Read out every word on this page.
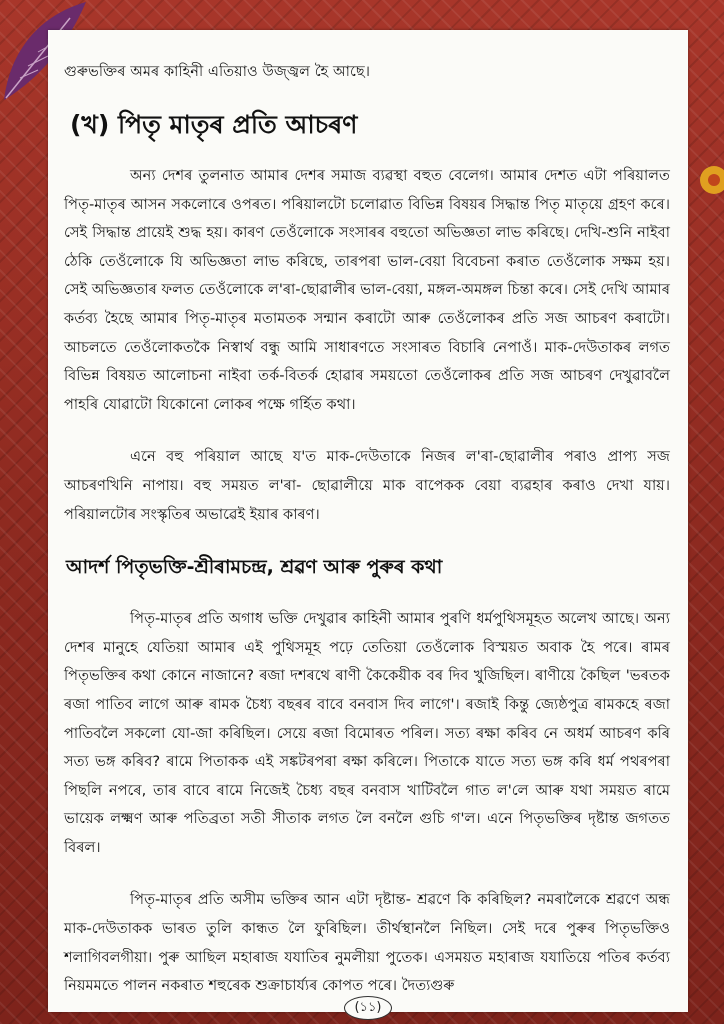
গুৰুভক্তিৰ অমৰ কাহিনী এতিয়াও উজ্জ্বল হৈ আছে।

(খ) পিতৃ মাতৃৰ প্ৰতি আচৰণ

অন্য দেশৰ তুলনাত আমাৰ দেশৰ সমাজ ব্যৱস্থা বহুত বেলেগ। আমাৰ দেশত এটা পৰিয়ালত পিতৃ-মাতৃৰ আসন সকলোৰে ওপৰত। পৰিয়ালটো চলোৱাত বিভিন্ন বিষয়ৰ সিদ্ধান্ত পিতৃ মাতৃয়ে গ্ৰহণ কৰে। সেই সিদ্ধান্ত প্ৰায়েই শুদ্ধ হয়। কাৰণ তেওঁলোকে সংসাৰৰ বহুতো অভিজ্ঞতা লাভ কৰিছে। দেখি-শুনি নাইবা ঠেকি তেওঁলোকে যি অভিজ্ঞতা লাভ কৰিছে, তাৰপৰা ভাল-বেয়া বিবেচনা কৰাত তেওঁলোক সক্ষম হয়। সেই অভিজ্ঞতাৰ ফলত তেওঁলোকে ল'ৰা-ছোৱালীৰ ভাল-বেয়া, মঙ্গল-অমঙ্গল চিন্তা কৰে। সেই দেখি আমাৰ কৰ্তব্য হৈছে আমাৰ পিতৃ-মাতৃৰ মতামতক সন্মান কৰাটো আৰু তেওঁলোকৰ প্ৰতি সজ আচৰণ কৰাটো। আচলতে তেওঁলোকতকৈ নিস্বাৰ্থ বন্ধু আমি সাধাৰণতে সংসাৰত বিচাৰি নেপাওঁ। মাক-দেউতাকৰ লগত বিভিন্ন বিষয়ত আলোচনা নাইবা তৰ্ক-বিতৰ্ক হোৱাৰ সময়তো তেওঁলোকৰ প্ৰতি সজ আচৰণ দেখুৱাবলৈ পাহৰি যোৱাটো যিকোনো লোকৰ পক্ষে গৰ্হিত কথা।

এনে বহু পৰিয়াল আছে য'ত মাক-দেউতাকে নিজৰ ল'ৰা-ছোৱালীৰ পৰাও প্ৰাপ্য সজ আচৰণখিনি নাপায়। বহু সময়ত ল'ৰা- ছোৱালীয়ে মাক বাপেকক বেয়া ব্যৱহাৰ কৰাও দেখা যায়। পৰিয়ালটোৰ সংস্কৃতিৰ অভাৱেই ইয়াৰ কাৰণ।

আদৰ্শ পিতৃভক্তি-শ্ৰীৰামচন্দ্ৰ, শ্ৰৱণ আৰু পুৰুৰ কথা

পিতৃ-মাতৃৰ প্ৰতি অগাধ ভক্তি দেখুৱাৰ কাহিনী আমাৰ পুৰণি ধৰ্মপুথিসমূহত অলেখ আছে। অন্য দেশৰ মানুহে যেতিয়া আমাৰ এই পুথিসমূহ পঢ়ে তেতিয়া তেওঁলোক বিস্ময়ত অবাক হৈ পৰে। ৰামৰ পিতৃভক্তিৰ কথা কোনে নাজানে? ৰজা দশৰথে ৰাণী কৈকেয়ীক বৰ দিব খুজিছিল। ৰাণীয়ে কৈছিল 'ভৰতক ৰজা পাতিব লাগে আৰু ৰামক চৈধ্য বছৰৰ বাবে বনবাস দিব লাগে'। ৰজাই কিন্তু জ্যেষ্ঠপুত্ৰ ৰামকহে ৰজা পাতিবলৈ সকলো যো-জা কৰিছিল। সেয়ে ৰজা বিমোৰত পৰিল। সত্য ৰক্ষা কৰিব নে অধৰ্ম আচৰণ কৰি সত্য ভঙ্গ কৰিব? ৰামে পিতাকক এই সঙ্কটৰপৰা ৰক্ষা কৰিলে। পিতাকে যাতে সত্য ভঙ্গ কৰি ধৰ্ম পথৰপৰা পিছলি নপৰে, তাৰ বাবে ৰামে নিজেই চৈধ্য বছৰ বনবাস খাটিবলৈ গাত ল'লে আৰু যথা সময়ত ৰামে ভায়েক লক্ষ্মণ আৰু পতিব্ৰতা সতী সীতাক লগত লৈ বনলৈ গুচি গ'ল। এনে পিতৃভক্তিৰ দৃষ্টান্ত জগতত বিৰল।

পিতৃ-মাতৃৰ প্ৰতি অসীম ভক্তিৰ আন এটা দৃষ্টান্ত- শ্ৰৱণে কি কৰিছিল? নমৰালৈকে শ্ৰৱণে অন্ধ মাক-দেউতাকক ভাৰত তুলি কান্ধত লৈ ফুৰিছিল। তীৰ্থস্থানলৈ নিছিল। সেই দৰে পুৰুৰ পিতৃভক্তিও শলাগিবলগীয়া। পুৰু আছিল মহাৰাজ যযাতিৰ নুমলীয়া পুতেক। এসময়ত মহাৰাজ যযাতিয়ে পতিৰ কৰ্তব্য নিয়মমতে পালন নকৰাত শহুৰেক শুক্ৰাচাৰ্য্যৰ কোপত পৰে। দৈত্যগুৰু

(১১)
